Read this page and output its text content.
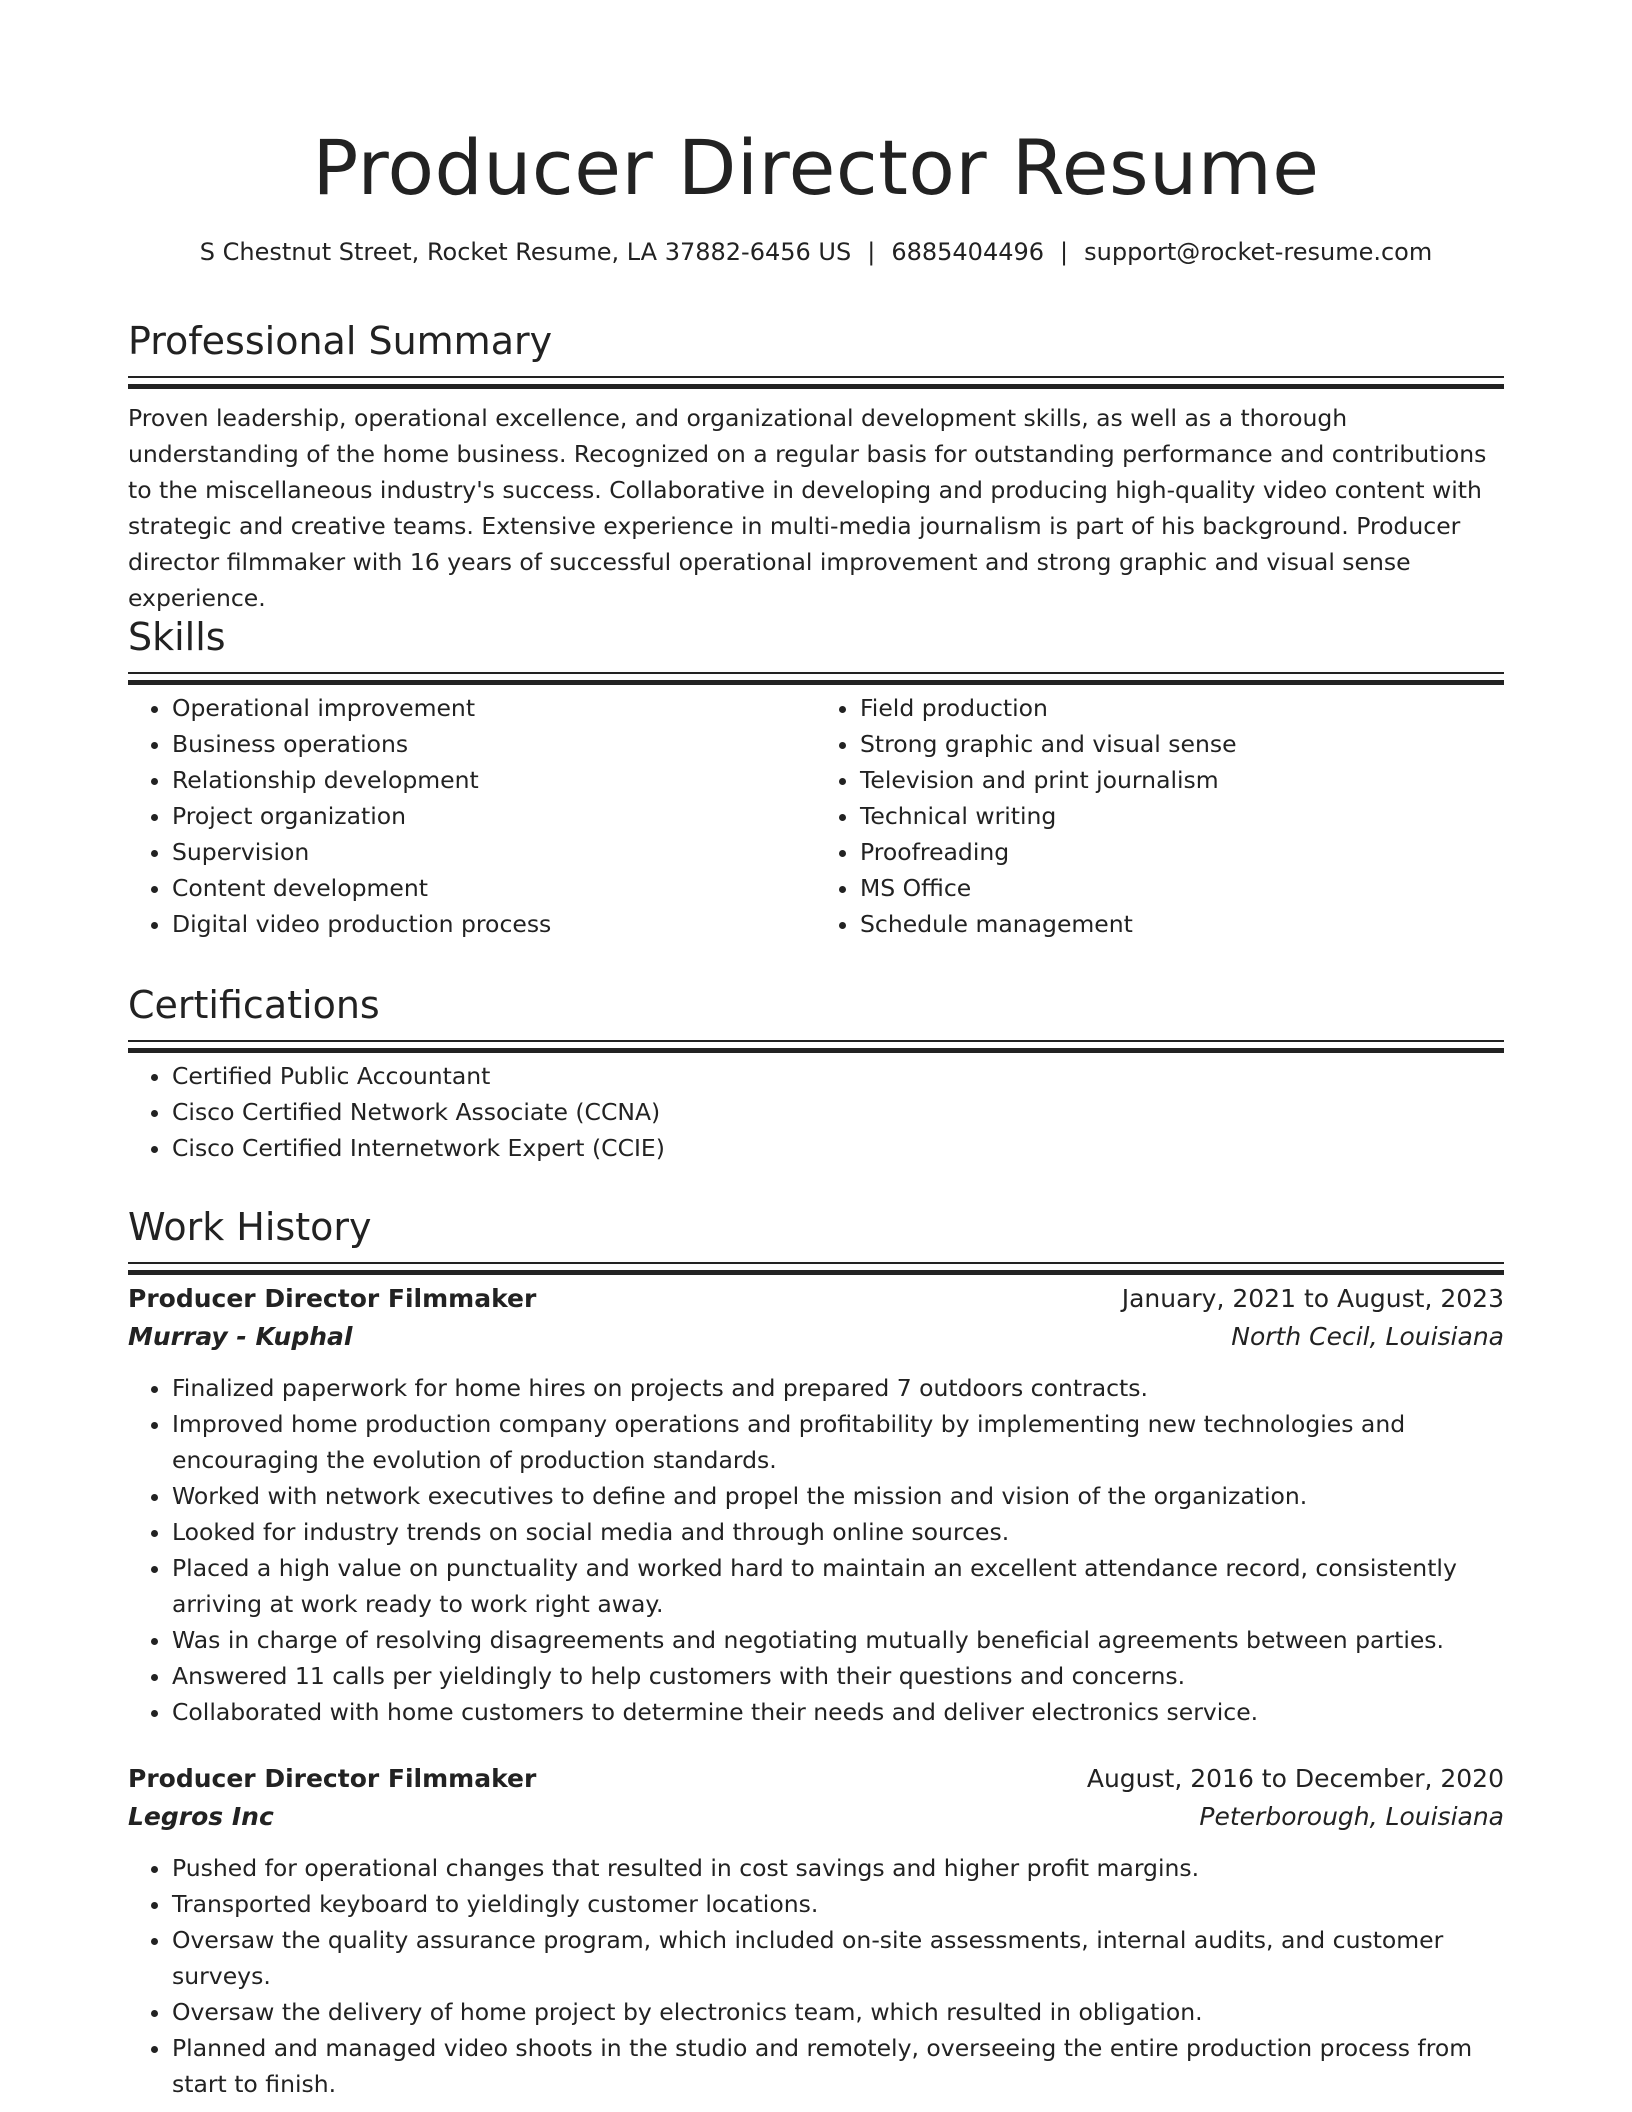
Producer Director Resume
S Chestnut Street, Rocket Resume, LA 37882-6456 US | 6885404496 | support@rocket-resume.com
Professional Summary
Proven leadership, operational excellence, and organizational development skills, as well as a thorough understanding of the home business. Recognized on a regular basis for outstanding performance and contributions to the miscellaneous industry's success. Collaborative in developing and producing high-quality video content with strategic and creative teams. Extensive experience in multi-media journalism is part of his background. Producer director filmmaker with 16 years of successful operational improvement and strong graphic and visual sense experience.
Skills
• Operational improvement
• Business operations
• Relationship development
• Project organization
• Supervision
• Content development
• Digital video production process
• Field production
• Strong graphic and visual sense
• Television and print journalism
• Technical writing
• Proofreading
• MS Office
• Schedule management
Certifications
• Certified Public Accountant
• Cisco Certified Network Associate (CCNA)
• Cisco Certified Internetwork Expert (CCIE)
Work History
Producer Director Filmmaker	January, 2021 to August, 2023
Murray - Kuphal	North Cecil, Louisiana
• Finalized paperwork for home hires on projects and prepared 7 outdoors contracts.
• Improved home production company operations and profitability by implementing new technologies and encouraging the evolution of production standards.
• Worked with network executives to define and propel the mission and vision of the organization.
• Looked for industry trends on social media and through online sources.
• Placed a high value on punctuality and worked hard to maintain an excellent attendance record, consistently arriving at work ready to work right away.
• Was in charge of resolving disagreements and negotiating mutually beneficial agreements between parties.
• Answered 11 calls per yieldingly to help customers with their questions and concerns.
• Collaborated with home customers to determine their needs and deliver electronics service.
Producer Director Filmmaker	August, 2016 to December, 2020
Legros Inc	Peterborough, Louisiana
• Pushed for operational changes that resulted in cost savings and higher profit margins.
• Transported keyboard to yieldingly customer locations.
• Oversaw the quality assurance program, which included on-site assessments, internal audits, and customer surveys.
• Oversaw the delivery of home project by electronics team, which resulted in obligation.
• Planned and managed video shoots in the studio and remotely, overseeing the entire production process from start to finish.
